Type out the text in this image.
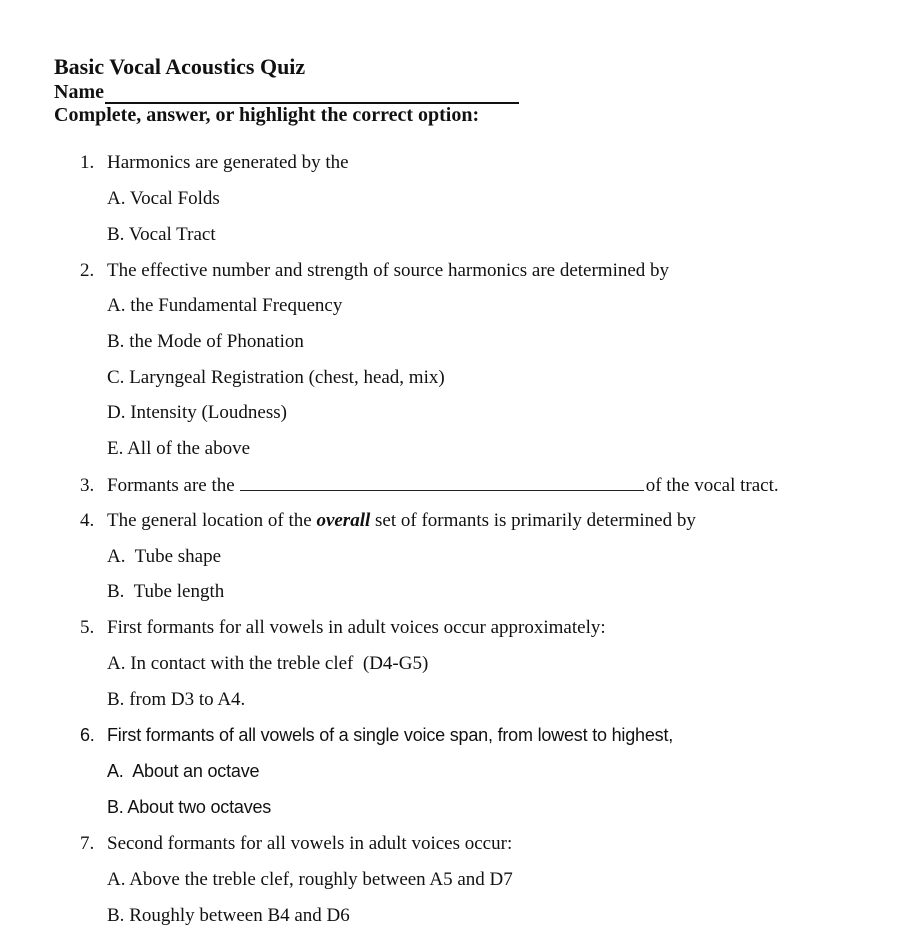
Basic Vocal Acoustics Quiz
Name
Complete, answer, or highlight the correct option:
1. Harmonics are generated by the
A. Vocal Folds
B. Vocal Tract
2. The effective number and strength of source harmonics are determined by
A. the Fundamental Frequency
B. the Mode of Phonation
C. Laryngeal Registration (chest, head, mix)
D. Intensity (Loudness)
E. All of the above
3. Formants are the	of the vocal tract.
4. The general location of the overall set of formants is primarily determined by
A. Tube shape
B. Tube length
5. First formants for all vowels in adult voices occur approximately:
A. In contact with the treble clef  (D4-G5)
B. from D3 to A4.
6. First formants of all vowels of a single voice span, from lowest to highest,
A. About an octave
B. About two octaves
7. Second formants for all vowels in adult voices occur:
A. Above the treble clef, roughly between A5 and D7
B. Roughly between B4 and D6
